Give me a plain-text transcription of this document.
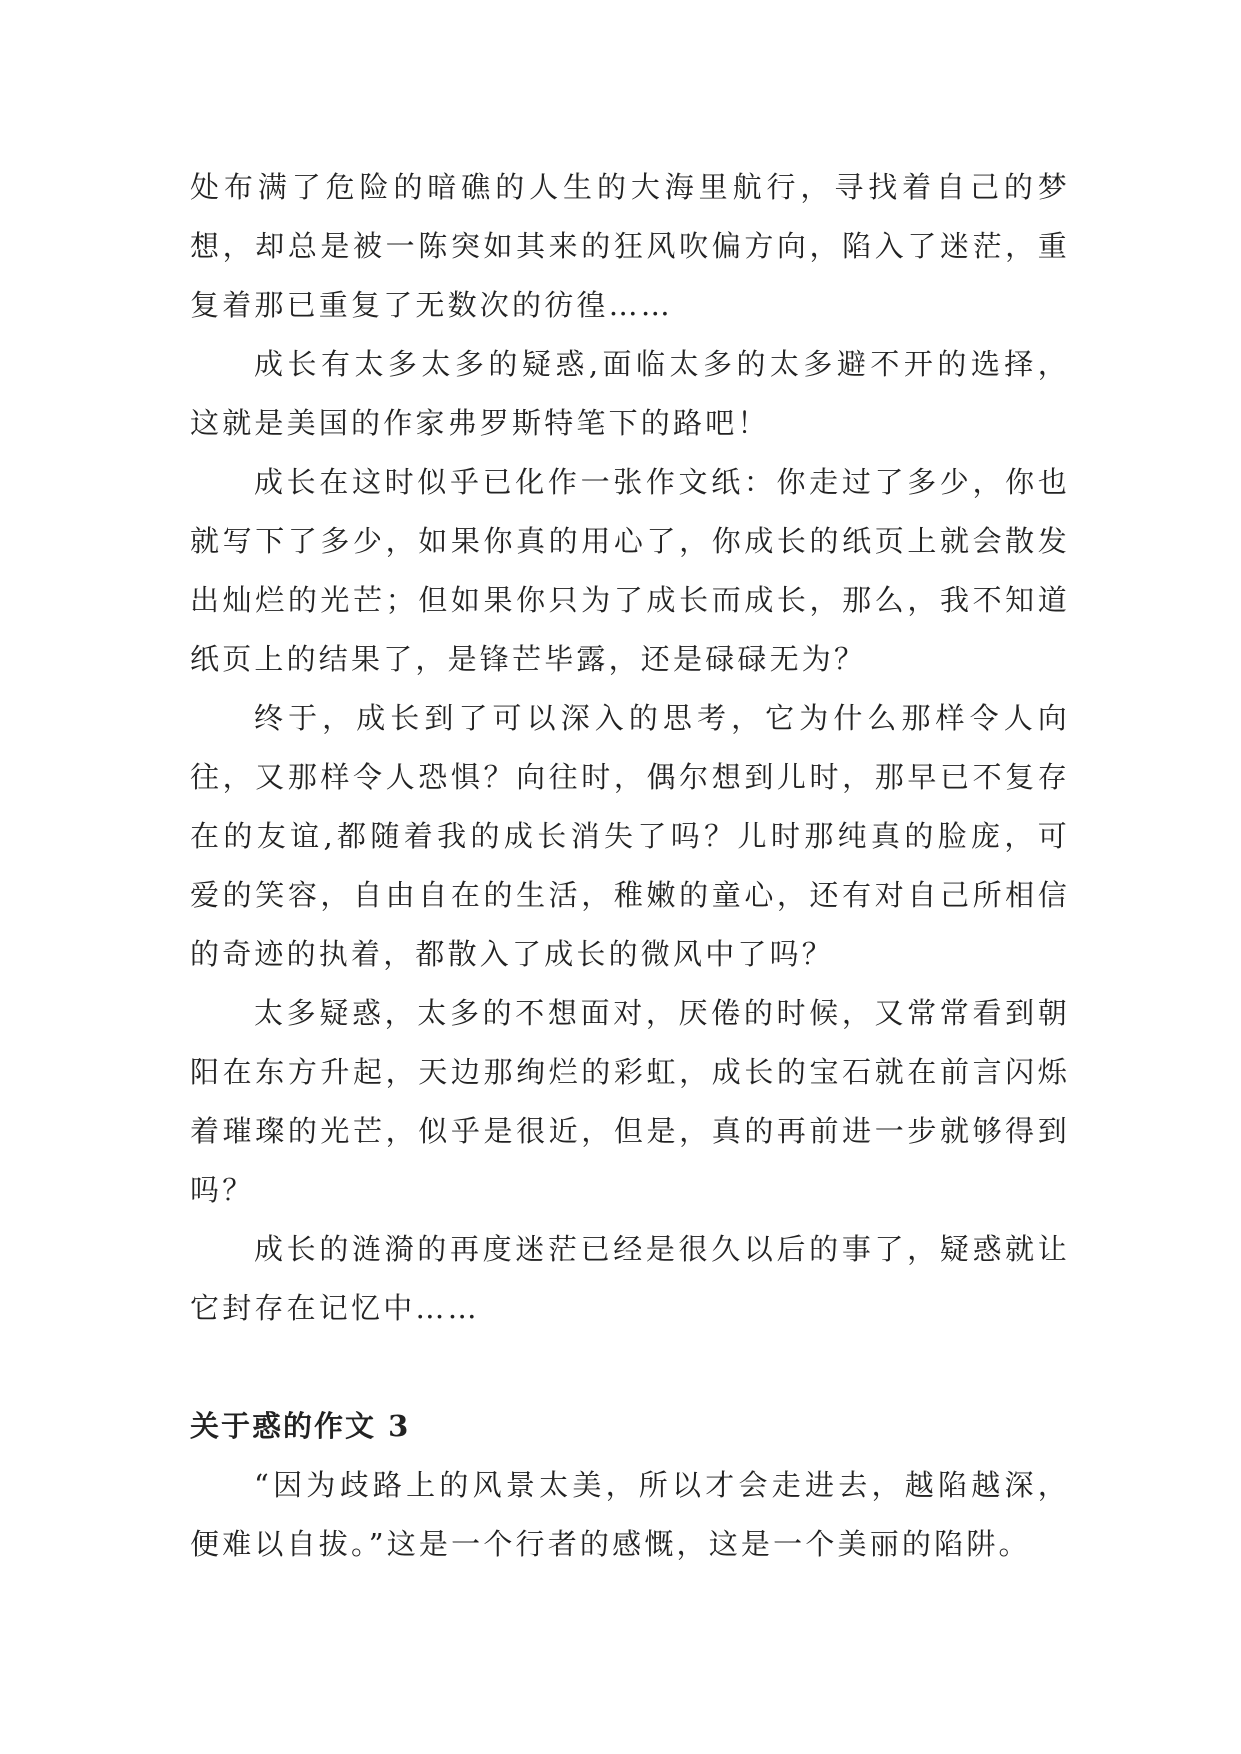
处布满了危险的暗礁的人生的大海里航行，寻找着自己的梦想，却总是被一陈突如其来的狂风吹偏方向，陷入了迷茫，重复着那已重复了无数次的彷徨……

成长有太多太多的疑惑,面临太多的太多避不开的选择，这就是美国的作家弗罗斯特笔下的路吧！

成长在这时似乎已化作一张作文纸：你走过了多少，你也就写下了多少，如果你真的用心了，你成长的纸页上就会散发出灿烂的光芒；但如果你只为了成长而成长，那么，我不知道纸页上的结果了，是锋芒毕露，还是碌碌无为？

终于，成长到了可以深入的思考，它为什么那样令人向往，又那样令人恐惧？向往时，偶尔想到儿时，那早已不复存在的友谊,都随着我的成长消失了吗？儿时那纯真的脸庞，可爱的笑容，自由自在的生活，稚嫩的童心，还有对自己所相信的奇迹的执着，都散入了成长的微风中了吗？

太多疑惑，太多的不想面对，厌倦的时候，又常常看到朝阳在东方升起，天边那绚烂的彩虹，成长的宝石就在前言闪烁着璀璨的光芒，似乎是很近，但是，真的再前进一步就够得到吗？

成长的涟漪的再度迷茫已经是很久以后的事了，疑惑就让它封存在记忆中……

关于惑的作文 3

“因为歧路上的风景太美，所以才会走进去，越陷越深，便难以自拔。”这是一个行者的感慨，这是一个美丽的陷阱。
